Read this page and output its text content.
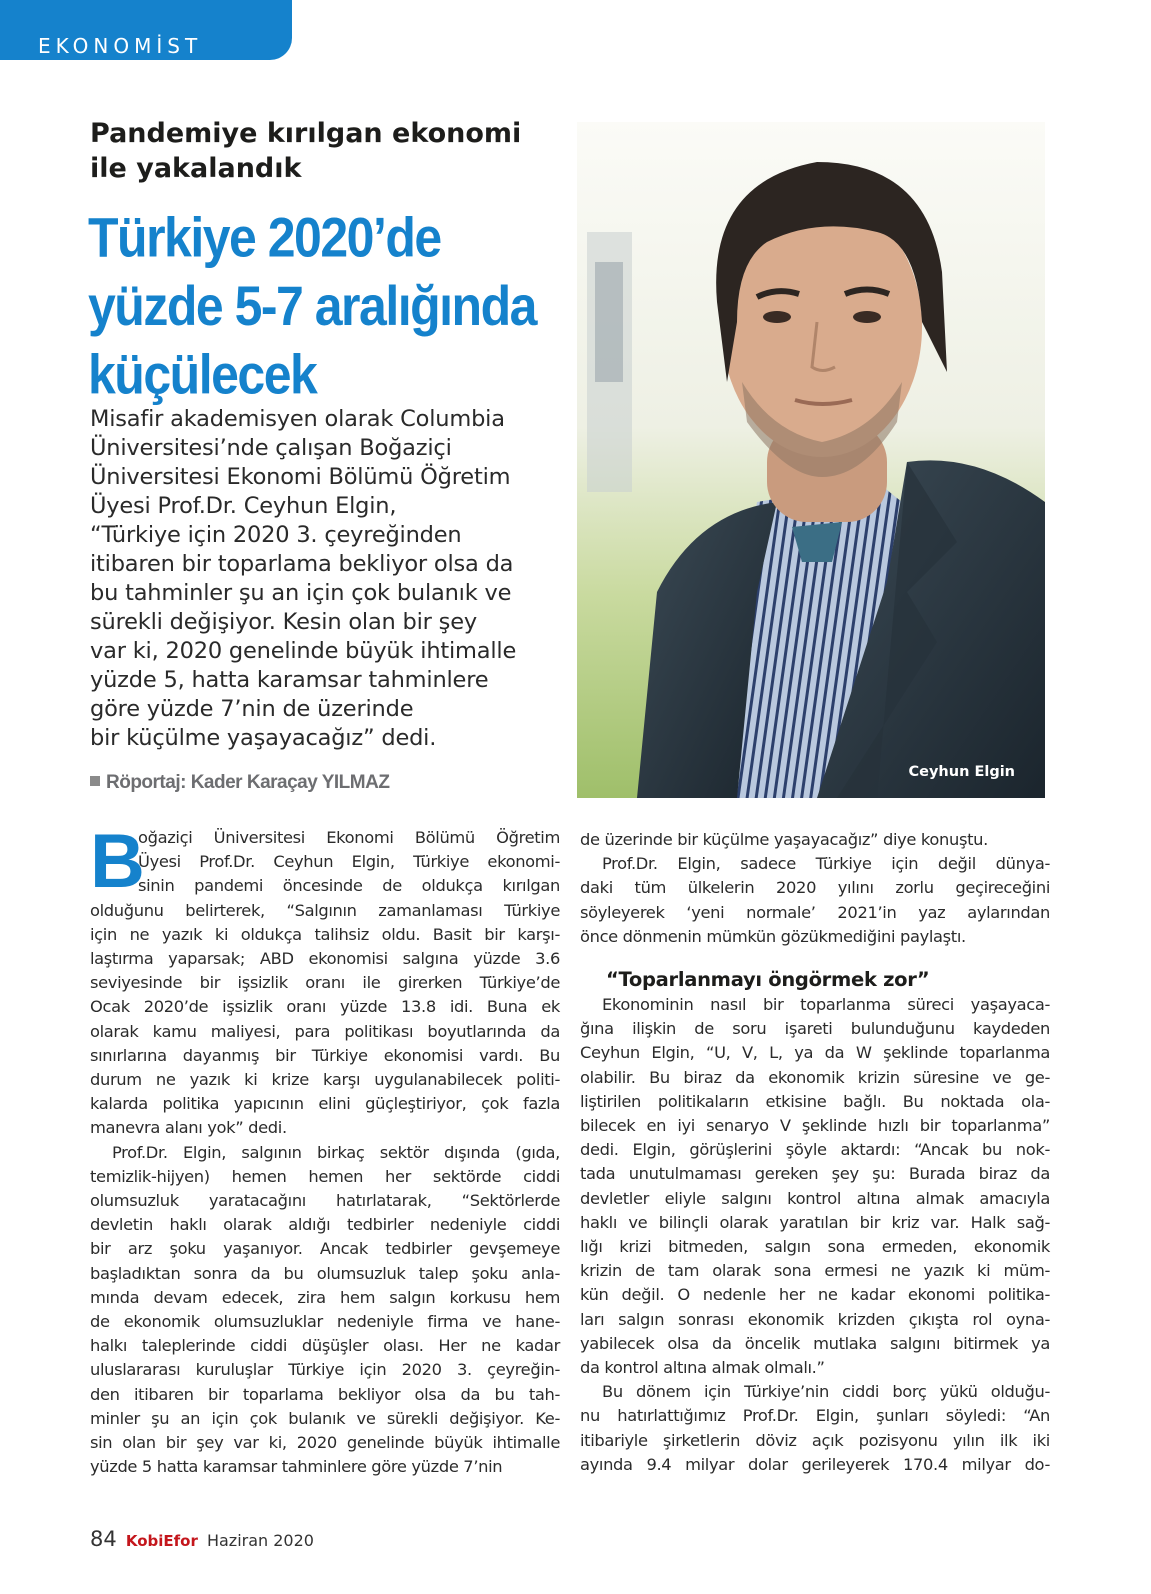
EKONOMİST
Pandemiye kırılgan ekonomi ile yakalandık
Türkiye 2020’de
yüzde 5-7 aralığında
küçülecek
Misafir akademisyen olarak Columbia
Üniversitesi’nde çalışan Boğaziçi
Üniversitesi Ekonomi Bölümü Öğretim
Üyesi Prof.Dr. Ceyhun Elgin,
“Türkiye için 2020 3. çeyreğinden
itibaren bir toparlama bekliyor olsa da
bu tahminler şu an için çok bulanık ve
sürekli değişiyor. Kesin olan bir şey
var ki, 2020 genelinde büyük ihtimalle
yüzde 5, hatta karamsar tahminlere
göre yüzde 7’nin de üzerinde
bir küçülme yaşayacağız” dedi.
Röportaj: Kader Karaçay YILMAZ	Ceyhun Elgin
B
oğaziçi Üniversitesi Ekonomi Bölümü Öğretim
Üyesi Prof.Dr. Ceyhun Elgin, Türkiye ekonomi-
sinin pandemi öncesinde de oldukça kırılgan
olduğunu belirterek, “Salgının zamanlaması Türkiye
için ne yazık ki oldukça talihsiz oldu. Basit bir karşı-
laştırma yaparsak; ABD ekonomisi salgına yüzde 3.6
seviyesinde bir işsizlik oranı ile girerken Türkiye’de
Ocak 2020’de işsizlik oranı yüzde 13.8 idi. Buna ek
olarak kamu maliyesi, para politikası boyutlarında da
sınırlarına dayanmış bir Türkiye ekonomisi vardı. Bu
durum ne yazık ki krize karşı uygulanabilecek politi-
kalarda politika yapıcının elini güçleştiriyor, çok fazla
manevra alanı yok” dedi.
Prof.Dr. Elgin, salgının birkaç sektör dışında (gıda,
temizlik-hijyen) hemen hemen her sektörde ciddi
olumsuzluk yaratacağını hatırlatarak, “Sektörlerde
devletin haklı olarak aldığı tedbirler nedeniyle ciddi
bir arz şoku yaşanıyor. Ancak tedbirler gevşemeye
başladıktan sonra da bu olumsuzluk talep şoku anla-
mında devam edecek, zira hem salgın korkusu hem
de ekonomik olumsuzluklar nedeniyle firma ve hane-
halkı taleplerinde ciddi düşüşler olası. Her ne kadar
uluslararası kuruluşlar Türkiye için 2020 3. çeyreğin-
den itibaren bir toparlama bekliyor olsa da bu tah-
minler şu an için çok bulanık ve sürekli değişiyor. Ke-
sin olan bir şey var ki, 2020 genelinde büyük ihtimalle
yüzde 5 hatta karamsar tahminlere göre yüzde 7’nin
de üzerinde bir küçülme yaşayacağız” diye konuştu.
Prof.Dr. Elgin, sadece Türkiye için değil dünya-
daki tüm ülkelerin 2020 yılını zorlu geçireceğini
söyleyerek ‘yeni normale’ 2021’in yaz aylarından
önce dönmenin mümkün gözükmediğini paylaştı.
“Toparlanmayı öngörmek zor”
Ekonominin nasıl bir toparlanma süreci yaşayaca-
ğına ilişkin de soru işareti bulunduğunu kaydeden
Ceyhun Elgin, “U, V, L, ya da W şeklinde toparlanma
olabilir. Bu biraz da ekonomik krizin süresine ve ge-
liştirilen politikaların etkisine bağlı. Bu noktada ola-
bilecek en iyi senaryo V şeklinde hızlı bir toparlanma”
dedi. Elgin, görüşlerini şöyle aktardı: “Ancak bu nok-
tada unutulmaması gereken şey şu: Burada biraz da
devletler eliyle salgını kontrol altına almak amacıyla
haklı ve bilinçli olarak yaratılan bir kriz var. Halk sağ-
lığı krizi bitmeden, salgın sona ermeden, ekonomik
krizin de tam olarak sona ermesi ne yazık ki müm-
kün değil. O nedenle her ne kadar ekonomi politika-
ları salgın sonrası ekonomik krizden çıkışta rol oyna-
yabilecek olsa da öncelik mutlaka salgını bitirmek ya
da kontrol altına almak olmalı.”
Bu dönem için Türkiye’nin ciddi borç yükü olduğu-
nu hatırlattığımız Prof.Dr. Elgin, şunları söyledi: “An
itibariyle şirketlerin döviz açık pozisyonu yılın ilk iki
ayında 9.4 milyar dolar gerileyerek 170.4 milyar do-
84 KobiEfor Haziran 2020
